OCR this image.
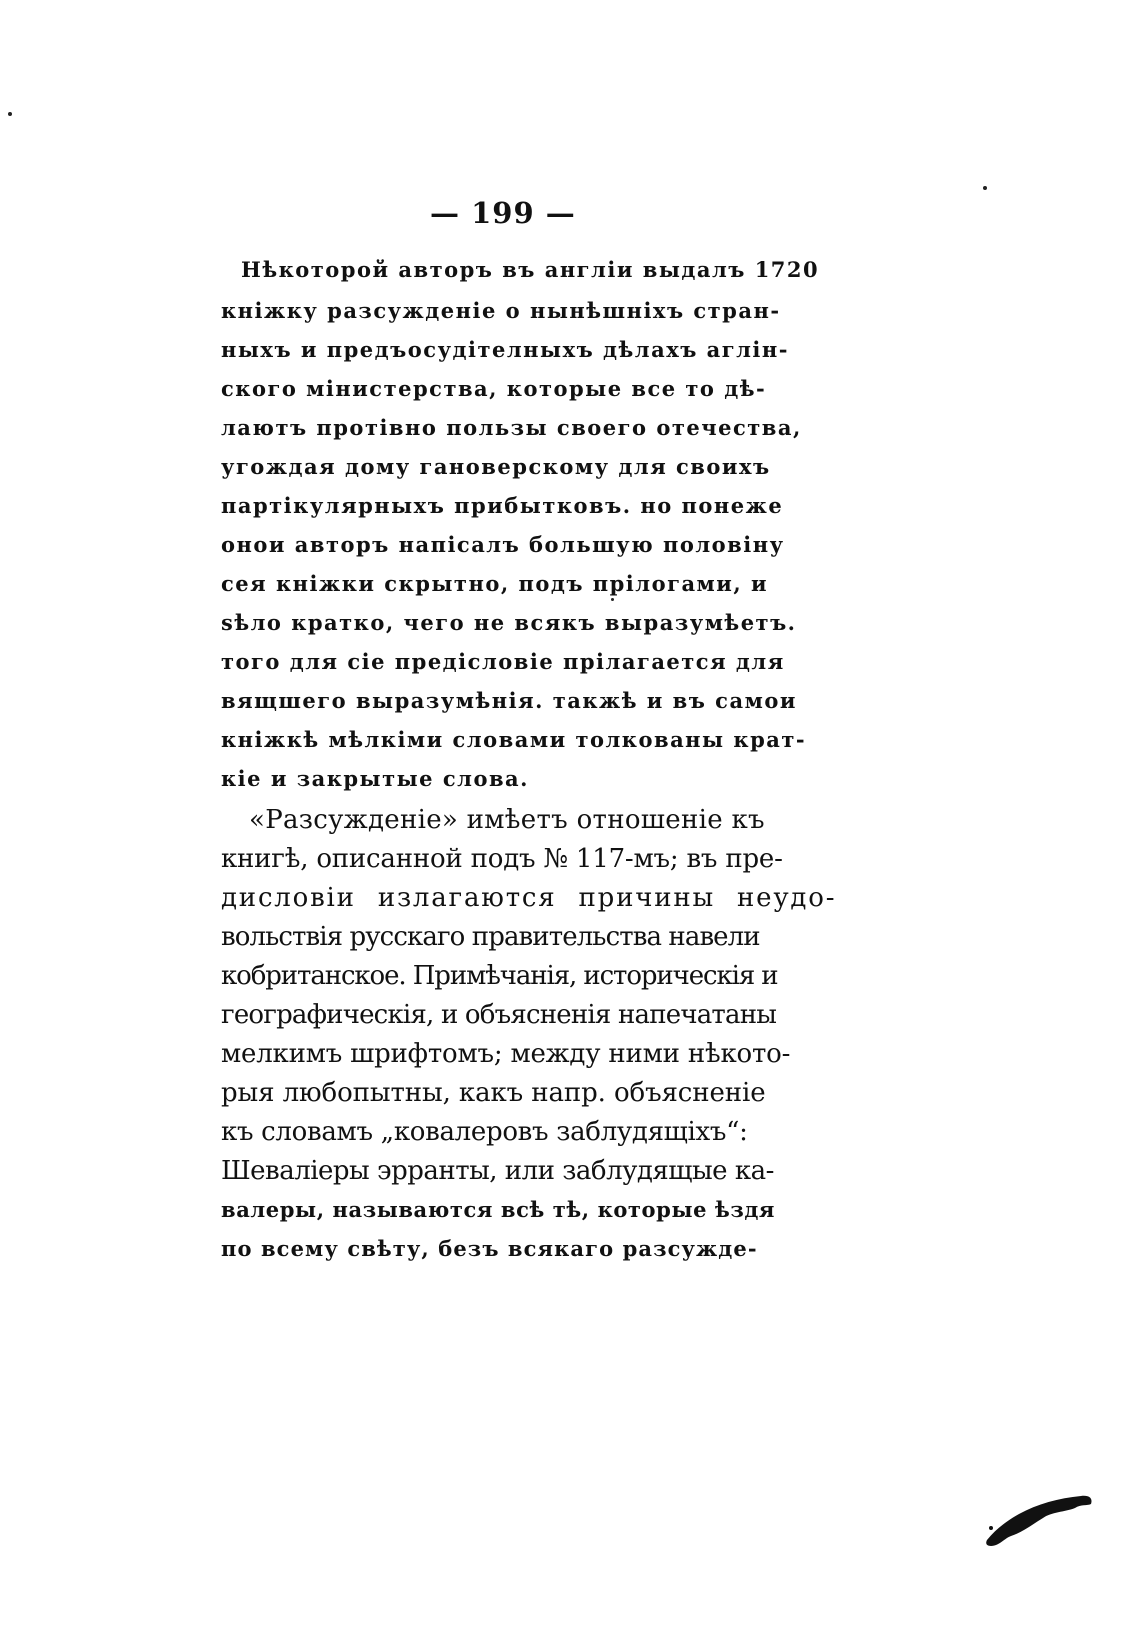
— 199 —
Нѣкоторой авторъ въ англіи выдалъ 1720
кніжку разсужденіе о нынѣшніхъ стран-
ныхъ и предъосудітелныхъ дѣлахъ аглін-
ского мінистерства, которые все то дѣ-
лаютъ протівно пользы своего отечества,
угождая дому гановерскому для своихъ
партікулярныхъ прибытковъ. но понеже
онои авторъ напісалъ большую половіну
сея кніжки скрытно, подъ прілогами, и
ѕѣло кратко, чего не всякъ выразумѣетъ.
того для сіе предісловіе прілагается для
вящшего выразумѣнія. такжѣ и въ самои
кніжкѣ мѣлкіми словами толкованы крат-
кіе и закрытые слова.
«Разсужденіе» имѣетъ отношеніе къ
книгѣ, описанной подъ № 117-мъ; въ пре-
дисловіи излагаются причины неудо-
вольствія русскаго правительства навели
кобританское. Примѣчанія, историческія и
географическія, и объясненія напечатаны
мелкимъ шрифтомъ; между ними нѣкото-
рыя любопытны, какъ напр. объясненіе
къ словамъ „ковалеровъ заблудящіхъ“:
Шеваліеры эрранты, или заблудящые ка-
валеры, называются всѣ тѣ, которые ѣздя
по всему свѣту, безъ всякаго разсужде-
